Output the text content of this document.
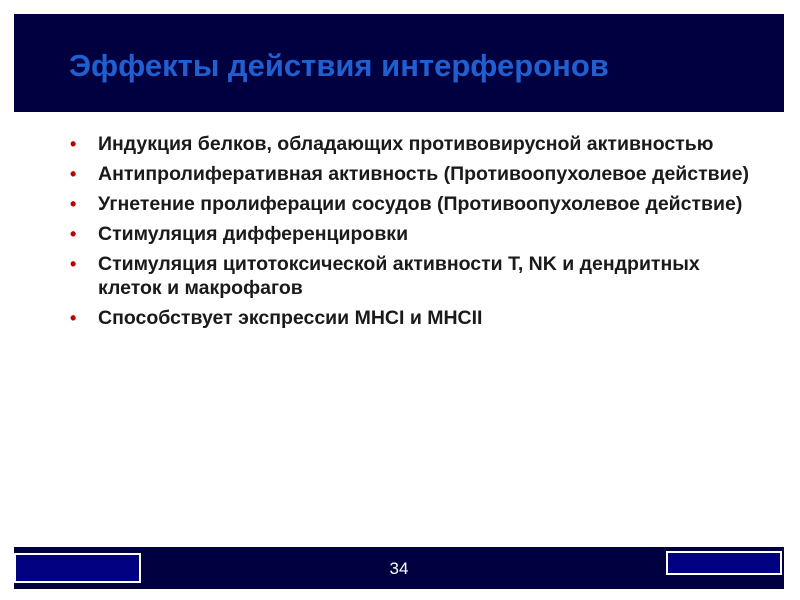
Эффекты действия интерферонов
• Индукция белков, обладающих противовирусной активностью
• Антипролиферативная активность (Противоопухолевое действие)
• Угнетение пролиферации сосудов (Противоопухолевое действие)
• Стимуляция дифференцировки
• Стимуляция цитотоксической активности T, NK и дендритных клеток и макрофагов
• Способствует экспрессии MHCI и MHCII
34
